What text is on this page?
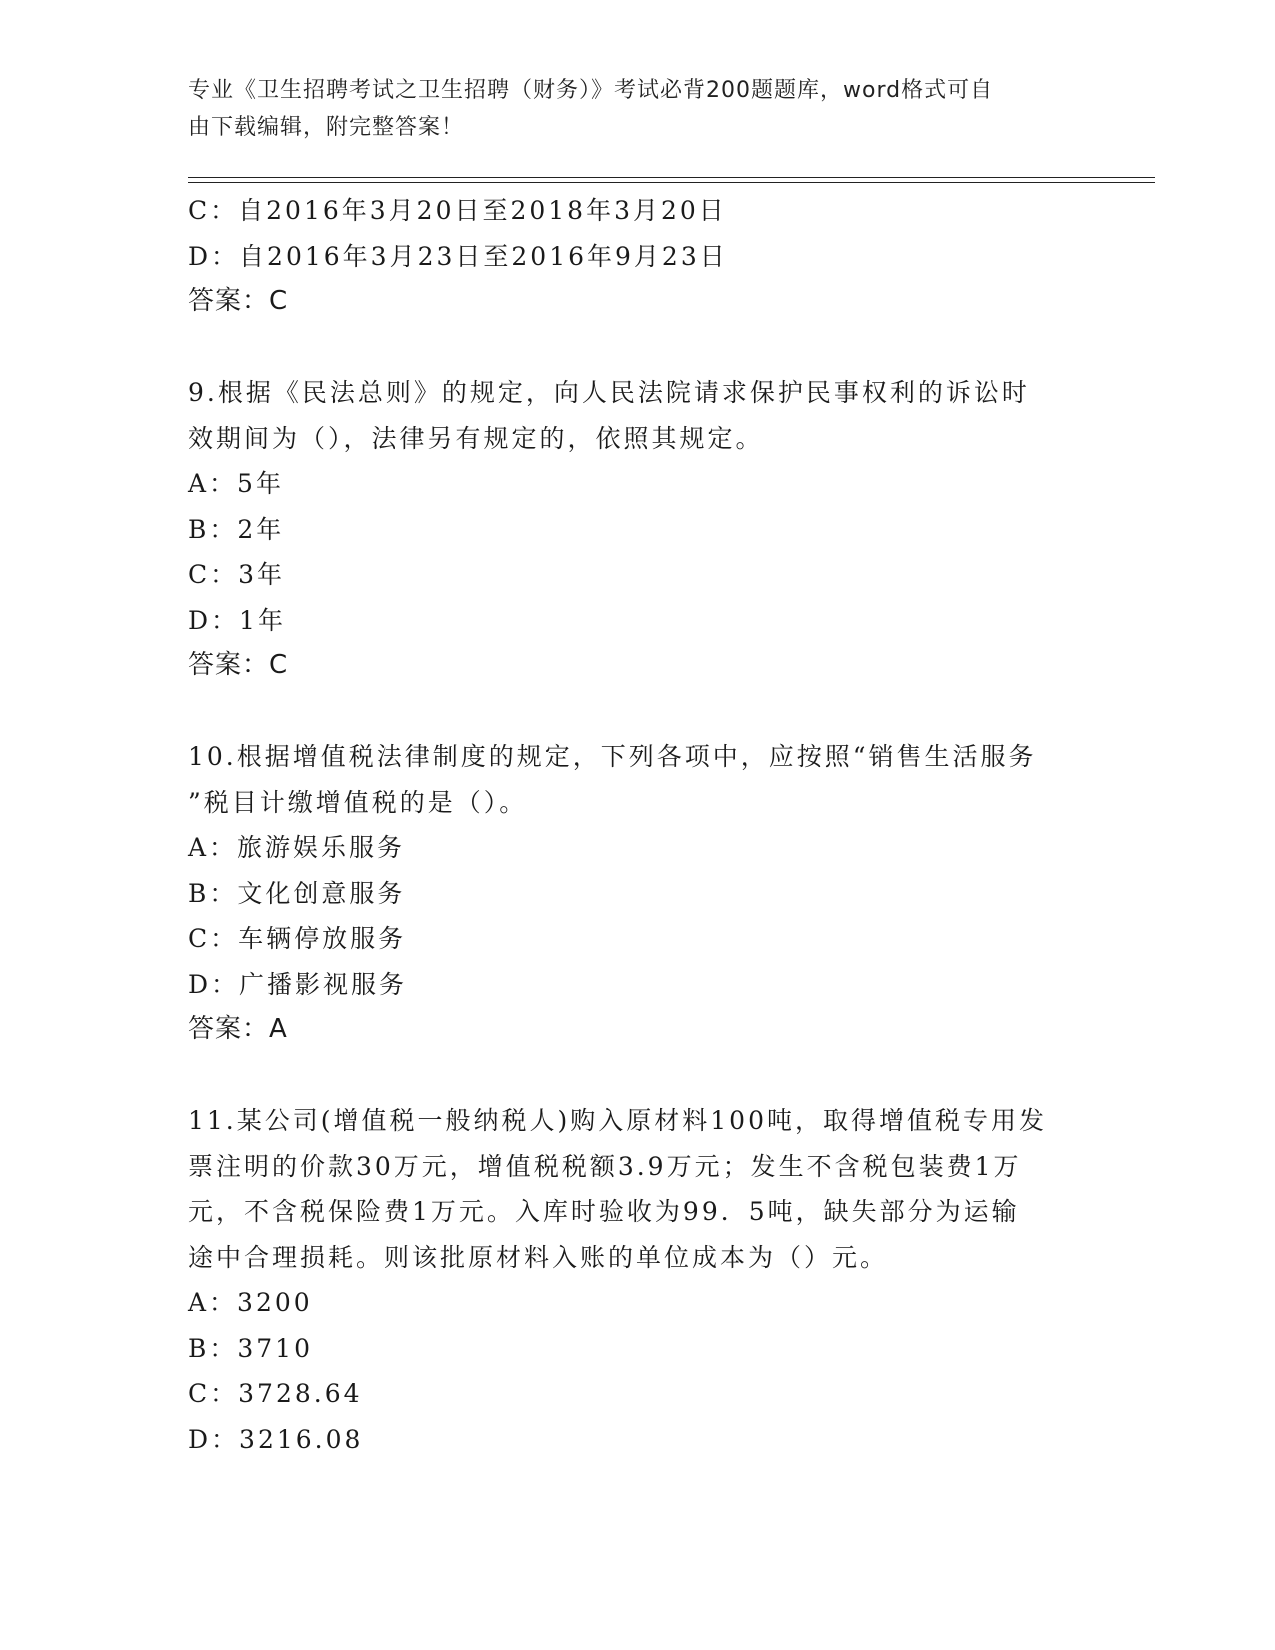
专业《卫生招聘考试之卫生招聘（财务）》考试必背200题题库，word格式可自
由下载编辑，附完整答案！
C：自2016年3月20日至2018年3月20日
D：自2016年3月23日至2016年9月23日
答案：C
9.根据《民法总则》的规定，向人民法院请求保护民事权利的诉讼时
效期间为（），法律另有规定的，依照其规定。
A：5年
B：2年
C：3年
D：1年
答案：C
10.根据增值税法律制度的规定，下列各项中，应按照“销售生活服务
”税目计缴增值税的是（）。
A：旅游娱乐服务
B：文化创意服务
C：车辆停放服务
D：广播影视服务
答案：A
11.某公司(增值税一般纳税人)购入原材料100吨，取得增值税专用发
票注明的价款30万元，增值税税额3.9万元；发生不含税包装费1万
元，不含税保险费1万元。入库时验收为99．5吨，缺失部分为运输
途中合理损耗。则该批原材料入账的单位成本为（）元。
A：3200
B：3710
C：3728.64
D：3216.08
